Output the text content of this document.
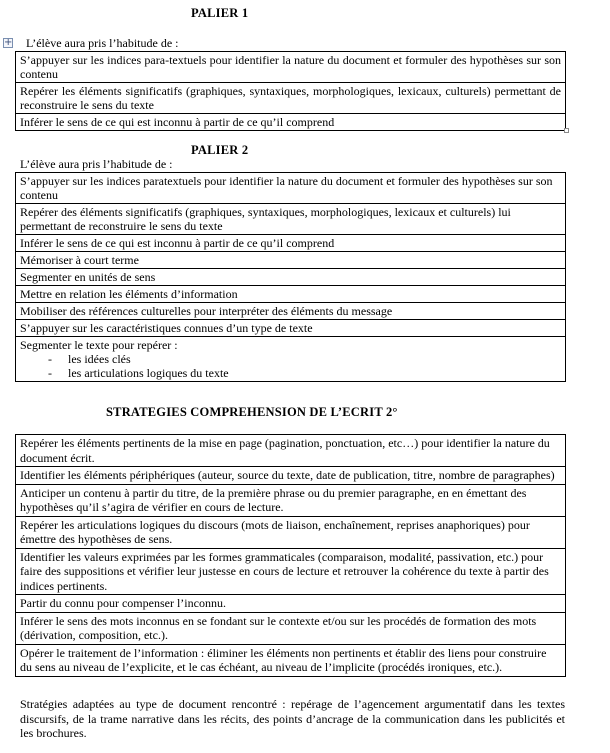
PALIER 1
+ L’élève aura pris l’habitude de :
S’appuyer sur les indices para-textuels pour identifier la nature du document et formuler des hypothèses sur son contenu
Repérer les éléments significatifs (graphiques, syntaxiques, morphologiques, lexicaux, culturels) permettant de reconstruire le sens du texte
Inférer le sens de ce qui est inconnu à partir de ce qu’il comprend
PALIER 2
L’élève aura pris l’habitude de :
S’appuyer sur les indices paratextuels pour identifier la nature du document et formuler des hypothèses sur son contenu
Repérer des éléments significatifs (graphiques, syntaxiques, morphologiques, lexicaux et culturels) lui permettant de reconstruire le sens du texte
Inférer le sens de ce qui est inconnu à partir de ce qu’il comprend
Mémoriser à court terme
Segmenter en unités de sens
Mettre en relation les éléments d’information
Mobiliser des références culturelles pour interpréter des éléments du message
S’appuyer sur les caractéristiques connues d’un type de texte

Segmenter le texte pour repérer :
- les idées clés
- les articulations logiques du texte
STRATEGIES COMPREHENSION DE L’ECRIT 2°
Repérer les éléments pertinents de la mise en page (pagination, ponctuation, etc…) pour identifier la nature du document écrit.
Identifier les éléments périphériques (auteur, source du texte, date de publication, titre, nombre de paragraphes)
Anticiper un contenu à partir du titre, de la première phrase ou du premier paragraphe, en en émettant des hypothèses qu’il s’agira de vérifier en cours de lecture.
Repérer les articulations logiques du discours (mots de liaison, enchaînement, reprises anaphoriques) pour émettre des hypothèses de sens.
Identifier les valeurs exprimées par les formes grammaticales (comparaison, modalité, passivation, etc.) pour faire des suppositions et vérifier leur justesse en cours de lecture et retrouver la cohérence du texte à partir des indices pertinents.
Partir du connu pour compenser l’inconnu.
Inférer le sens des mots inconnus en se fondant sur le contexte et/ou sur les procédés de formation des mots (dérivation, composition, etc.).
Opérer le traitement de l’information : éliminer les éléments non pertinents et établir des liens pour construire du sens au niveau de l’explicite, et le cas échéant, au niveau de l’implicite (procédés ironiques, etc.).
Stratégies adaptées au type de document rencontré : repérage de l’agencement argumentatif dans les textes discursifs, de la trame narrative dans les récits, des points d’ancrage de la communication dans les publicités et les brochures.
